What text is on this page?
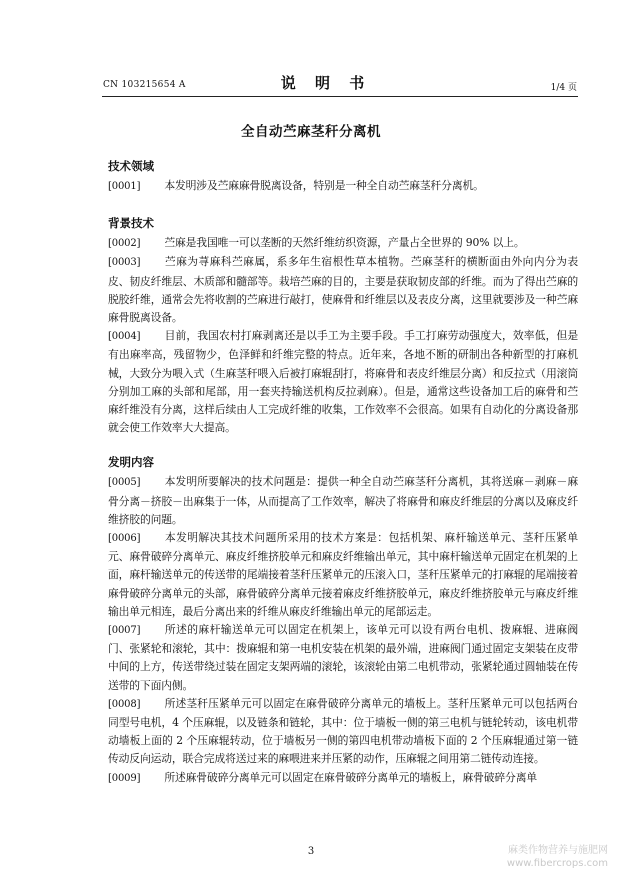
CN 103215654 A	说 明 书	1/4 页
全自动苎麻茎秆分离机
技术领域

[0001] 本发明涉及苎麻麻骨脱离设备，特别是一种全自动苎麻茎秆分离机。

背景技术

[0002] 苎麻是我国唯一可以垄断的天然纤维纺织资源，产量占全世界的 90% 以上。

[0003] 苎麻为荨麻科苎麻属，系多年生宿根性草本植物。苎麻茎秆的横断面由外向内分为表皮、韧皮纤维层、木质部和髓部等。栽培苎麻的目的，主要是获取韧皮部的纤维。而为了得出苎麻的脱胶纤维，通常会先将收割的苎麻进行敲打，使麻骨和纤维层以及表皮分离，这里就要涉及一种苎麻麻骨脱离设备。

[0004] 目前，我国农村打麻剥离还是以手工为主要手段。手工打麻劳动强度大，效率低，但是有出麻率高，残留物少，色泽鲜和纤维完整的特点。近年来，各地不断的研制出各种新型的打麻机械，大致分为喂入式（生麻茎秆喂入后被打麻辊刮打，将麻骨和表皮纤维层分离）和反拉式（用滚筒分别加工麻的头部和尾部，用一套夹持输送机构反拉剥麻）。但是，通常这些设备加工后的麻骨和苎麻纤维没有分离，这样后续由人工完成纤维的收集，工作效率不会很高。如果有自动化的分离设备那就会使工作效率大大提高。

发明内容

[0005] 本发明所要解决的技术问题是：提供一种全自动苎麻茎秆分离机，其将送麻－剥麻－麻骨分离－挤胶－出麻集于一体，从而提高了工作效率，解决了将麻骨和麻皮纤维层的分离以及麻皮纤维挤胶的问题。

[0006] 本发明解决其技术问题所采用的技术方案是：包括机架、麻杆输送单元、茎秆压紧单元、麻骨破碎分离单元、麻皮纤维挤胶单元和麻皮纤维输出单元，其中麻杆输送单元固定在机架的上面，麻杆输送单元的传送带的尾端接着茎秆压紧单元的压滚入口，茎秆压紧单元的打麻辊的尾端接着麻骨破碎分离单元的头部，麻骨破碎分离单元接着麻皮纤维挤胶单元，麻皮纤维挤胶单元与麻皮纤维输出单元相连，最后分离出来的纤维从麻皮纤维输出单元的尾部运走。

[0007] 所述的麻杆输送单元可以固定在机架上，该单元可以设有两台电机、拨麻辊、进麻阀门、张紧轮和滚轮，其中：拨麻辊和第一电机安装在机架的最外端，进麻阀门通过固定支架装在皮带中间的上方，传送带绕过装在固定支架两端的滚轮，该滚轮由第二电机带动，张紧轮通过圆轴装在传送带的下面内侧。

[0008] 所述茎秆压紧单元可以固定在麻骨破碎分离单元的墙板上。茎秆压紧单元可以包括两台同型号电机，4 个压麻辊，以及链条和链轮，其中：位于墙板一侧的第三电机与链轮转动，该电机带动墙板上面的 2 个压麻辊转动，位于墙板另一侧的第四电机带动墙板下面的 2 个压麻辊通过第一链传动反向运动，联合完成将送过来的麻喂进来并压紧的动作，压麻辊之间用第二链传动连接。

[0009] 所述麻骨破碎分离单元可以固定在麻骨破碎分离单元的墙板上，麻骨破碎分离单

3	麻类作物营养与施肥网
www.fibercrops.com
